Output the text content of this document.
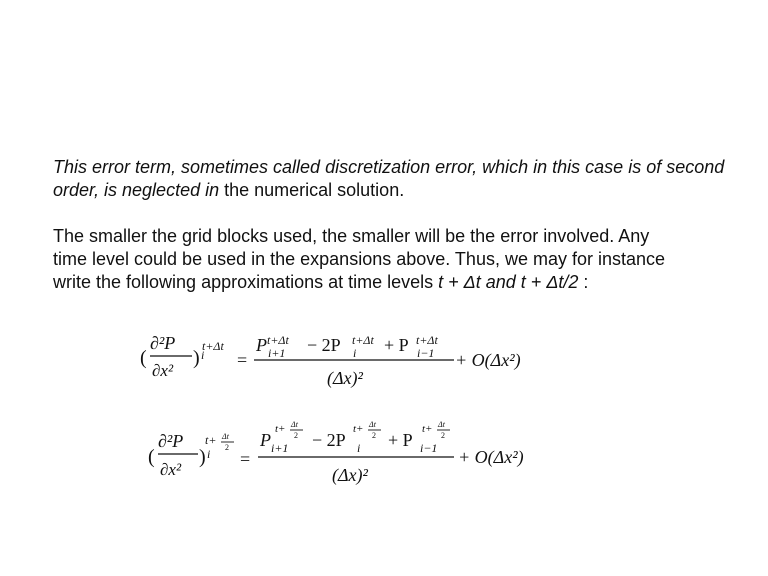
This error term, sometimes called discretization error, which in this case is of second order, is neglected in the numerical solution.
The smaller the grid blocks used, the smaller will be the error involved. Any
time level could be used in the expansions above. Thus, we may for instance
write the following approximations at time levels t + Δt and t + Δt/2 :
(
∂²P
∂x²
) i
t+Δt
=
P i+1
t+Δt − 2P i
t+Δt + P i−1
t+Δt
(Δx)²
+ O(Δx²)
(
∂²P
∂x²
) i
t+ Δt
2
=
P i+1
t+ Δt
2 − 2P i
t+ Δt
2 + P i−1
t+ Δt
2
(Δx)²
+ O(Δx²)
